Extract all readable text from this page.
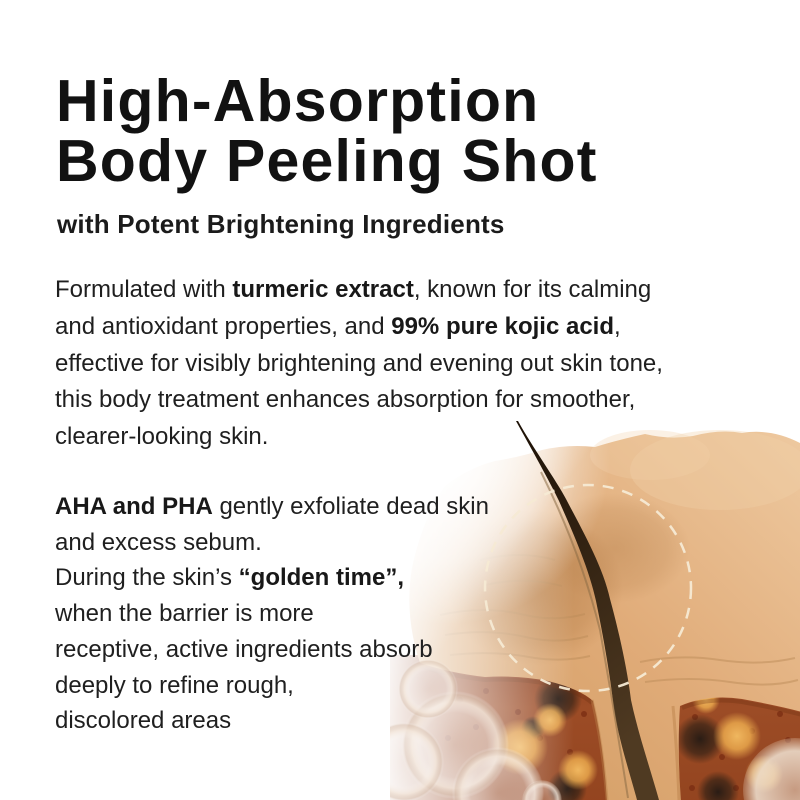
High-Absorption
Body Peeling Shot
with Potent Brightening Ingredients
Formulated with turmeric extract, known for its calming
and antioxidant properties, and 99% pure kojic acid,
effective for visibly brightening and evening out skin tone,
this body treatment enhances absorption for smoother,
clearer-looking skin.
AHA and PHA gently exfoliate dead skin
and excess sebum.
During the skin’s “golden time”,
when the barrier is more
receptive, active ingredients absorb
deeply to refine rough,
discolored areas
